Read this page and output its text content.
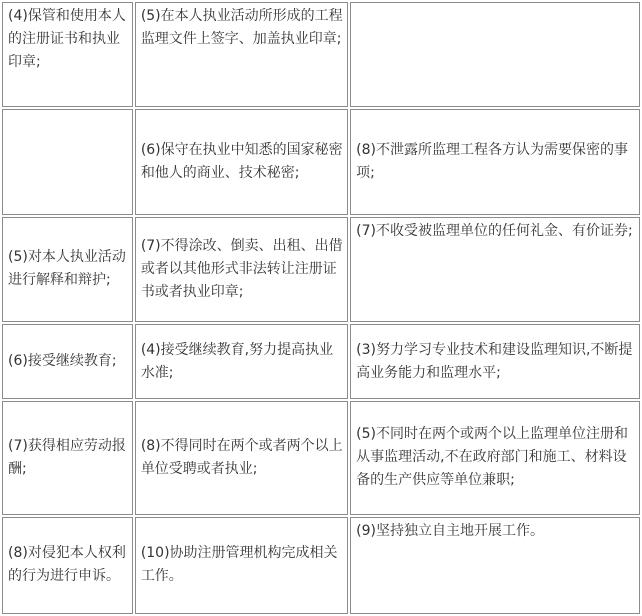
(4)保管和使用本人的注册证书和执业印章;	(5)在本人执业活动所形成的工程监理文件上签字、加盖执业印章;	
	(6)保守在执业中知悉的国家秘密和他人的商业、技术秘密;	(8)不泄露所监理工程各方认为需要保密的事项;
(5)对本人执业活动进行解释和辩护;	(7)不得涂改、倒卖、出租、出借或者以其他形式非法转让注册证书或者执业印章;	(7)不收受被监理单位的任何礼金、有价证券;
(6)接受继续教育;	(4)接受继续教育,努力提高执业水准;	(3)努力学习专业技术和建设监理知识,不断提高业务能力和监理水平;
(7)获得相应劳动报酬;	(8)不得同时在两个或者两个以上单位受聘或者执业;	(5)不同时在两个或两个以上监理单位注册和从事监理活动,不在政府部门和施工、材料设备的生产供应等单位兼职;
(8)对侵犯本人权利的行为进行申诉。	(10)协助注册管理机构完成相关工作。	(9)坚持独立自主地开展工作。
